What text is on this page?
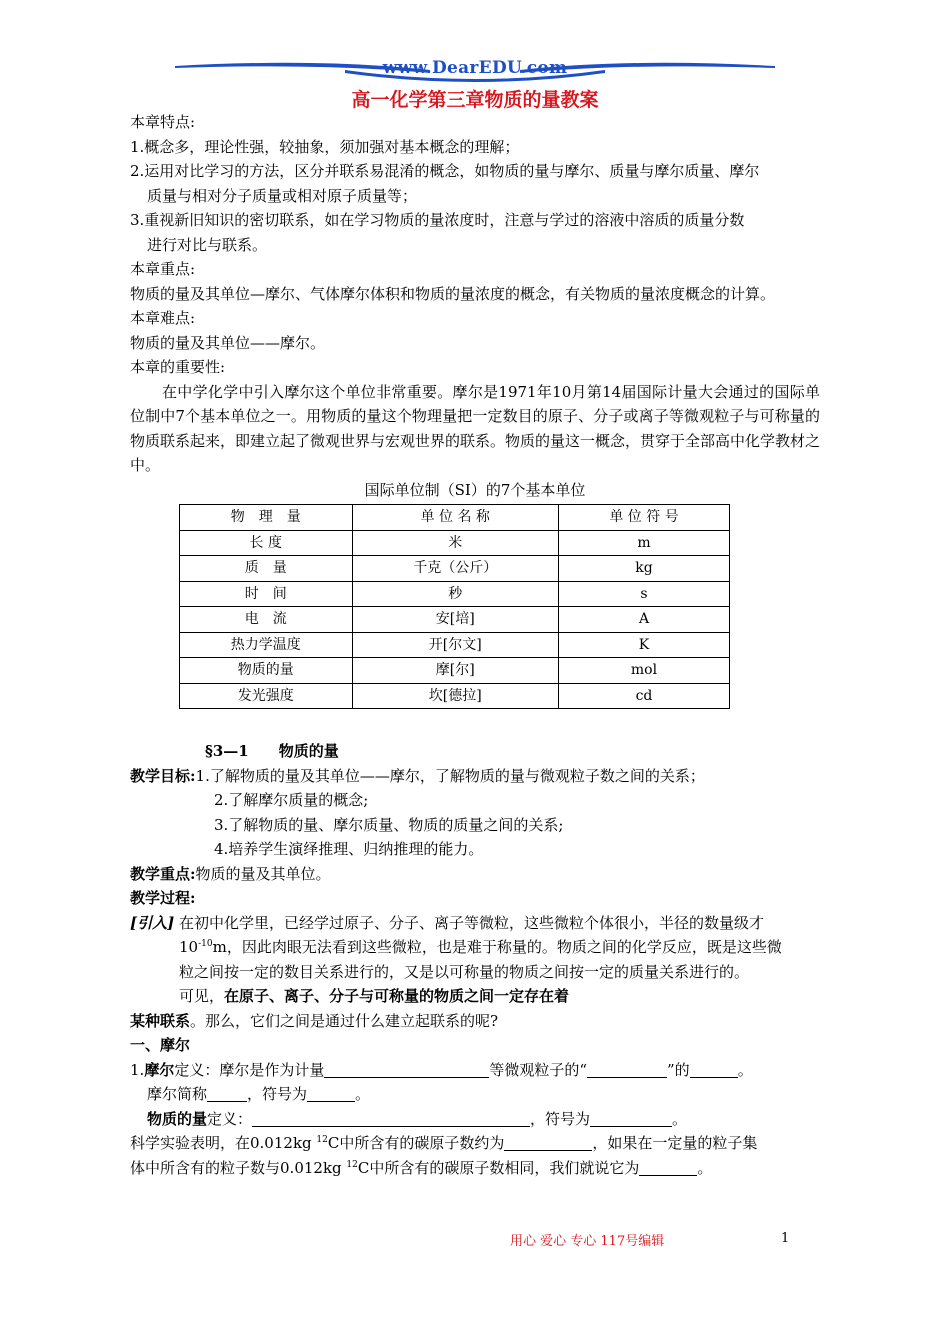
www.DearEDU.com
高一化学第三章物质的量教案

本章特点:

1.概念多，理论性强，较抽象，须加强对基本概念的理解；

2.运用对比学习的方法，区分并联系易混淆的概念，如物质的量与摩尔、质量与摩尔质量、摩尔

质量与相对分子质量或相对原子质量等；

3.重视新旧知识的密切联系，如在学习物质的量浓度时，注意与学过的溶液中溶质的质量分数

进行对比与联系。

本章重点:

物质的量及其单位—摩尔、气体摩尔体积和物质的量浓度的概念，有关物质的量浓度概念的计算。

本章难点:

物质的量及其单位——摩尔。

本章的重要性:

在中学化学中引入摩尔这个单位非常重要。摩尔是1971年10月第14届国际计量大会通过的国际单位制中7个基本单位之一。用物质的量这个物理量把一定数目的原子、分子或离子等微观粒子与可称量的物质联系起来，即建立起了微观世界与宏观世界的联系。物质的量这一概念，贯穿于全部高中化学教材之中。

国际单位制（SI）的7个基本单位

物　理　量	单 位 名 称	单 位 符 号
长 度	米	m
质　量	千克（公斤）	kg
时　间	秒	s
电　流	安[培]	A
热力学温度	开[尔文]	K
物质的量	摩[尔]	mol
发光强度	坎[德拉]	cd

§3—1　　物质的量

教学目标:1.了解物质的量及其单位——摩尔，了解物质的量与微观粒子数之间的关系；

2.了解摩尔质量的概念;

3.了解物质的量、摩尔质量、物质的质量之间的关系;

4.培养学生演绎推理、归纳推理的能力。

教学重点:物质的量及其单位。

教学过程:

[引入] 在初中化学里，已经学过原子、分子、离子等微粒，这些微粒个体很小，半径的数量级才

$10^{-10}m$，因此肉眼无法看到这些微粒，也是难于称量的。物质之间的化学反应，既是这些微

粒之间按一定的数目关系进行的，又是以可称量的物质之间按一定的质量关系进行的。

可见，在原子、离子、分子与可称量的物质之间一定存在着

某种联系。那么，它们之间是通过什么建立起联系的呢?

一、摩尔

1.摩尔定义：摩尔是作为计量	等微观粒子的“	”的	。

摩尔简称	，符号为	。

物质的量定义：	，符号为	。

科学实验表明，在0.012kg $^{12}$C中所含有的碳原子数约为	，如果在一定量的粒子集

体中所含有的粒子数与0.012kg $^{12}$C中所含有的碳原子数相同，我们就说它为	。

用心 爱心 专心 117号编辑	1
